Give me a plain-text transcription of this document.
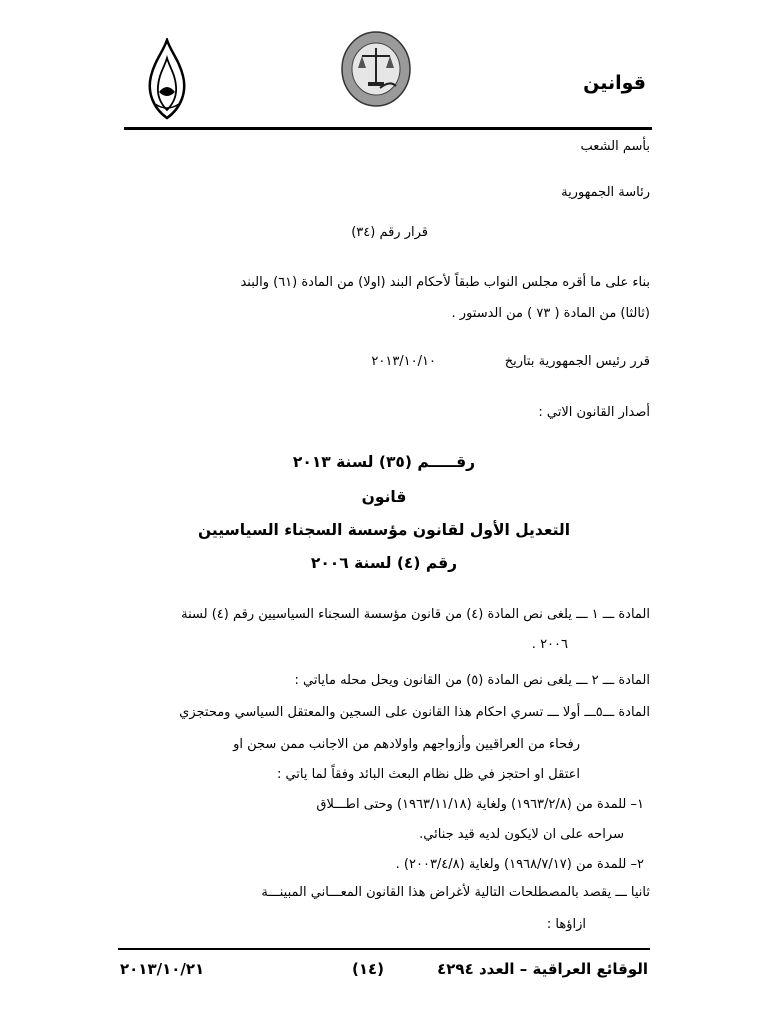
قوانين
بأسم الشعب
رئاسة الجمهورية
قرار رقم (٣٤)
بناء على ما أقره مجلس النواب طبقاً لأحكام البند (اولا) من المادة (٦١) والبند
(ثالثا) من المادة ( ٧٣ ) من الدستور .
قرر رئيس الجمهورية بتاريخ
٢٠١٣/١٠/١٠
أصدار القانون الاتي :
رقـــــم (٣٥) لسنة ٢٠١٣
قانون
التعديل الأول لقانون مؤسسة السجناء السياسيين
رقم (٤) لسنة ٢٠٠٦
المادة ـــ ١ ـــ يلغى نص المادة (٤) من قانون مؤسسة السجناء السياسيين رقم (٤) لسنة
٢٠٠٦ .
المادة ـــ ٢ ـــ يلغى نص المادة (٥) من القانون ويحل محله ماياتي :
المادة ـــ٥ـــ أولا ـــ تسري احكام هذا القانون على السجين والمعتقل السياسي ومحتجزي
رفحاء من العراقيين وأزواجهم واولادهم من الاجانب ممن سجن او
اعتقل او احتجز في ظل نظام البعث البائد وفقاً لما ياتي :
١– للمدة من (١٩٦٣/٢/٨) ولغاية (١٩٦٣/١١/١٨) وحتى اطـــلاق
سراحه على ان لايكون لديه قيد جنائي.
٢– للمدة من (١٩٦٨/٧/١٧) ولغاية (٢٠٠٣/٤/٨) .
ثانيا ـــ يقصد بالمصطلحات التالية لأغراض هذا القانون المعـــاني المبينـــة
ازاؤها :
٢٠١٣/١٠/٢١	(١٤)	الوقائع العراقية – العدد ٤٢٩٤
